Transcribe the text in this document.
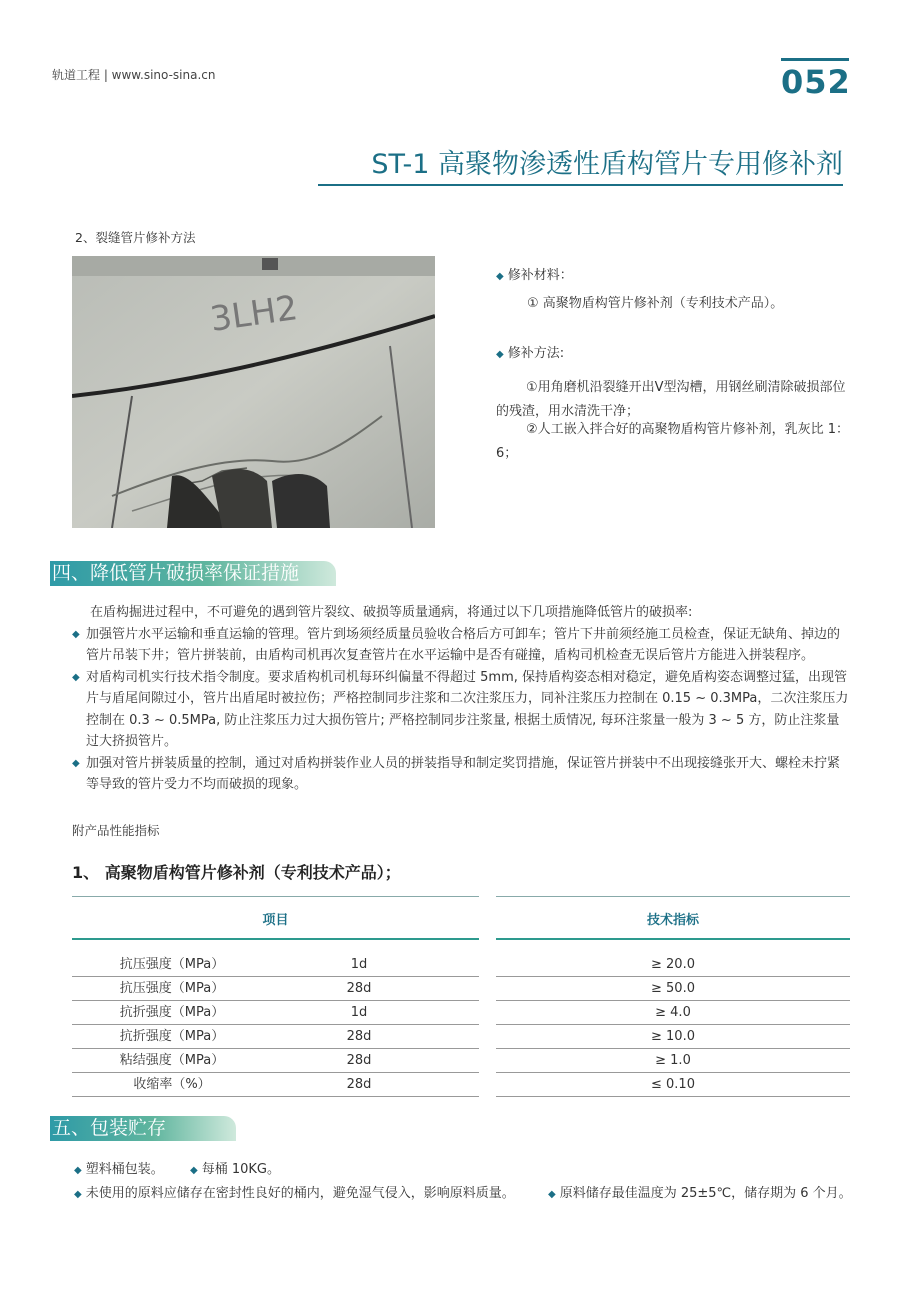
轨道工程 | www.sino-sina.cn	052
ST-1 高聚物渗透性盾构管片专用修补剂
2、裂缝管片修补方法
3LH2
◆ 修补材料：
① 高聚物盾构管片修补剂（专利技术产品）。
◆ 修补方法:
①用角磨机沿裂缝开出Ⅴ型沟槽，用钢丝刷清除破损部位的残渣，用水清洗干净；
②人工嵌入拌合好的高聚物盾构管片修补剂，乳灰比 1：6；
四、降低管片破损率保证措施
在盾构掘进过程中，不可避免的遇到管片裂纹、破损等质量通病，将通过以下几项措施降低管片的破损率:
◆ 加强管片水平运输和垂直运输的管理。管片到场须经质量员验收合格后方可卸车；管片下井前须经施工员检查，保证无缺角、掉边的管片吊装下井；管片拼装前，由盾构司机再次复查管片在水平运输中是否有碰撞，盾构司机检查无误后管片方能进入拼装程序。
◆ 对盾构司机实行技术指令制度。要求盾构机司机每环纠偏量不得超过 5mm, 保持盾构姿态相对稳定，避免盾构姿态调整过猛，出现管片与盾尾间隙过小，管片出盾尾时被拉伤；严格控制同步注浆和二次注浆压力，同补注浆压力控制在 0.15 ~ 0.3MPa，二次注浆压力控制在 0.3 ~ 0.5MPa, 防止注浆压力过大损伤管片; 严格控制同步注浆量, 根据土质情况, 每环注浆量一般为 3 ~ 5 方，防止注浆量过大挤损管片。
◆ 加强对管片拼装质量的控制，通过对盾构拼装作业人员的拼装指导和制定奖罚措施，保证管片拼装中不出现接缝张开大、螺栓未拧紧等导致的管片受力不均而破损的现象。
附产品性能指标
1、 高聚物盾构管片修补剂（专利技术产品）；
项目	技术指标
抗压强度（MPa）	1d	≥ 20.0
抗压强度（MPa）	28d	≥ 50.0
抗折强度（MPa）	1d	≥ 4.0
抗折强度（MPa）	28d	≥ 10.0
粘结强度（MPa）	28d	≥ 1.0
收缩率（%）	28d	≤ 0.10
五、包装贮存
◆ 塑料桶包装。	◆ 每桶 10KG。
◆ 未使用的原料应储存在密封性良好的桶内，避免湿气侵入，影响原料质量。	◆ 原料储存最佳温度为 25±5℃，储存期为 6 个月。
